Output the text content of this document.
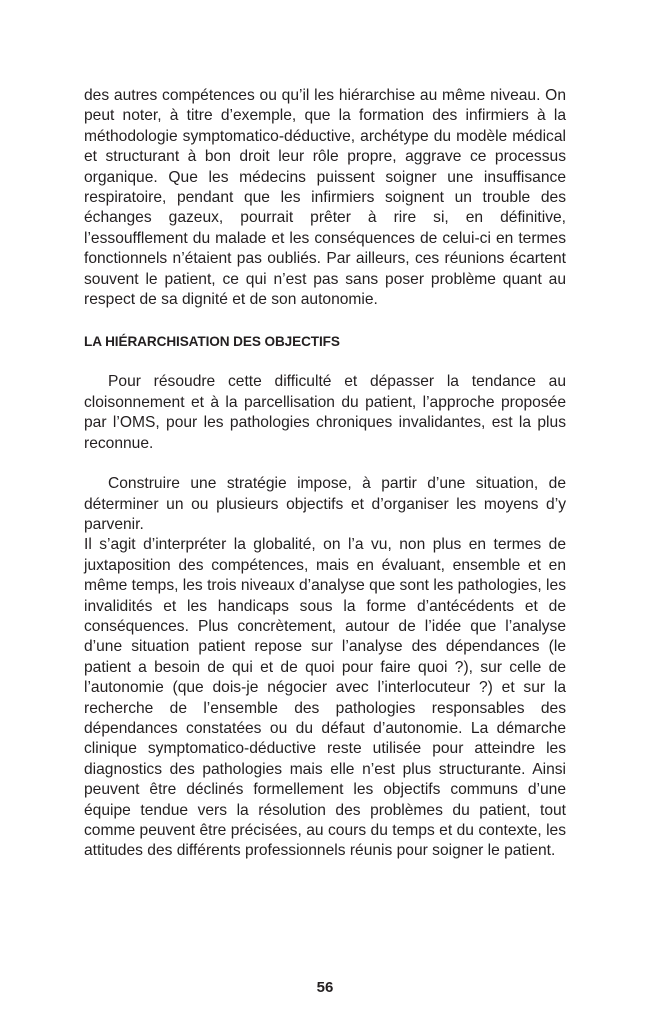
des autres compétences ou qu’il les hiérarchise au même niveau. On peut noter, à titre d’exemple, que la formation des infirmiers à la méthodologie symptomatico-déductive, archétype du modèle médical et structurant à bon droit leur rôle propre, aggrave ce processus organique. Que les médecins puissent soigner une insuffisance respiratoire, pendant que les infirmiers soignent un trouble des échanges gazeux, pourrait prêter à rire si, en définitive, l’essoufflement du malade et les conséquences de celui-ci en termes fonctionnels n’étaient pas oubliés. Par ailleurs, ces réunions écartent souvent le patient, ce qui n’est pas sans poser problème quant au respect de sa dignité et de son autonomie.

LA HIÉRARCHISATION DES OBJECTIFS

Pour résoudre cette difficulté et dépasser la tendance au cloisonnement et à la parcellisation du patient, l’approche proposée par l’OMS, pour les pathologies chroniques invalidantes, est la plus reconnue.

Construire une stratégie impose, à partir d’une situation, de déterminer un ou plusieurs objectifs et d’organiser les moyens d’y parvenir.

Il s’agit d’interpréter la globalité, on l’a vu, non plus en termes de juxtaposition des compétences, mais en évaluant, ensemble et en même temps, les trois niveaux d’analyse que sont les pathologies, les invalidités et les handicaps sous la forme d’antécédents et de conséquences. Plus concrètement, autour de l’idée que l’analyse d’une situation patient repose sur l’analyse des dépendances (le patient a besoin de qui et de quoi pour faire quoi ?), sur celle de l’autonomie (que dois-je négocier avec l’interlocuteur ?) et sur la recherche de l’ensemble des pathologies responsables des dépendances constatées ou du défaut d’autonomie. La démarche clinique symptomatico-déductive reste utilisée pour atteindre les diagnostics des pathologies mais elle n’est plus structurante. Ainsi peuvent être déclinés formellement les objectifs communs d’une équipe tendue vers la résolution des problèmes du patient, tout comme peuvent être précisées, au cours du temps et du contexte, les attitudes des différents professionnels réunis pour soigner le patient.

56
